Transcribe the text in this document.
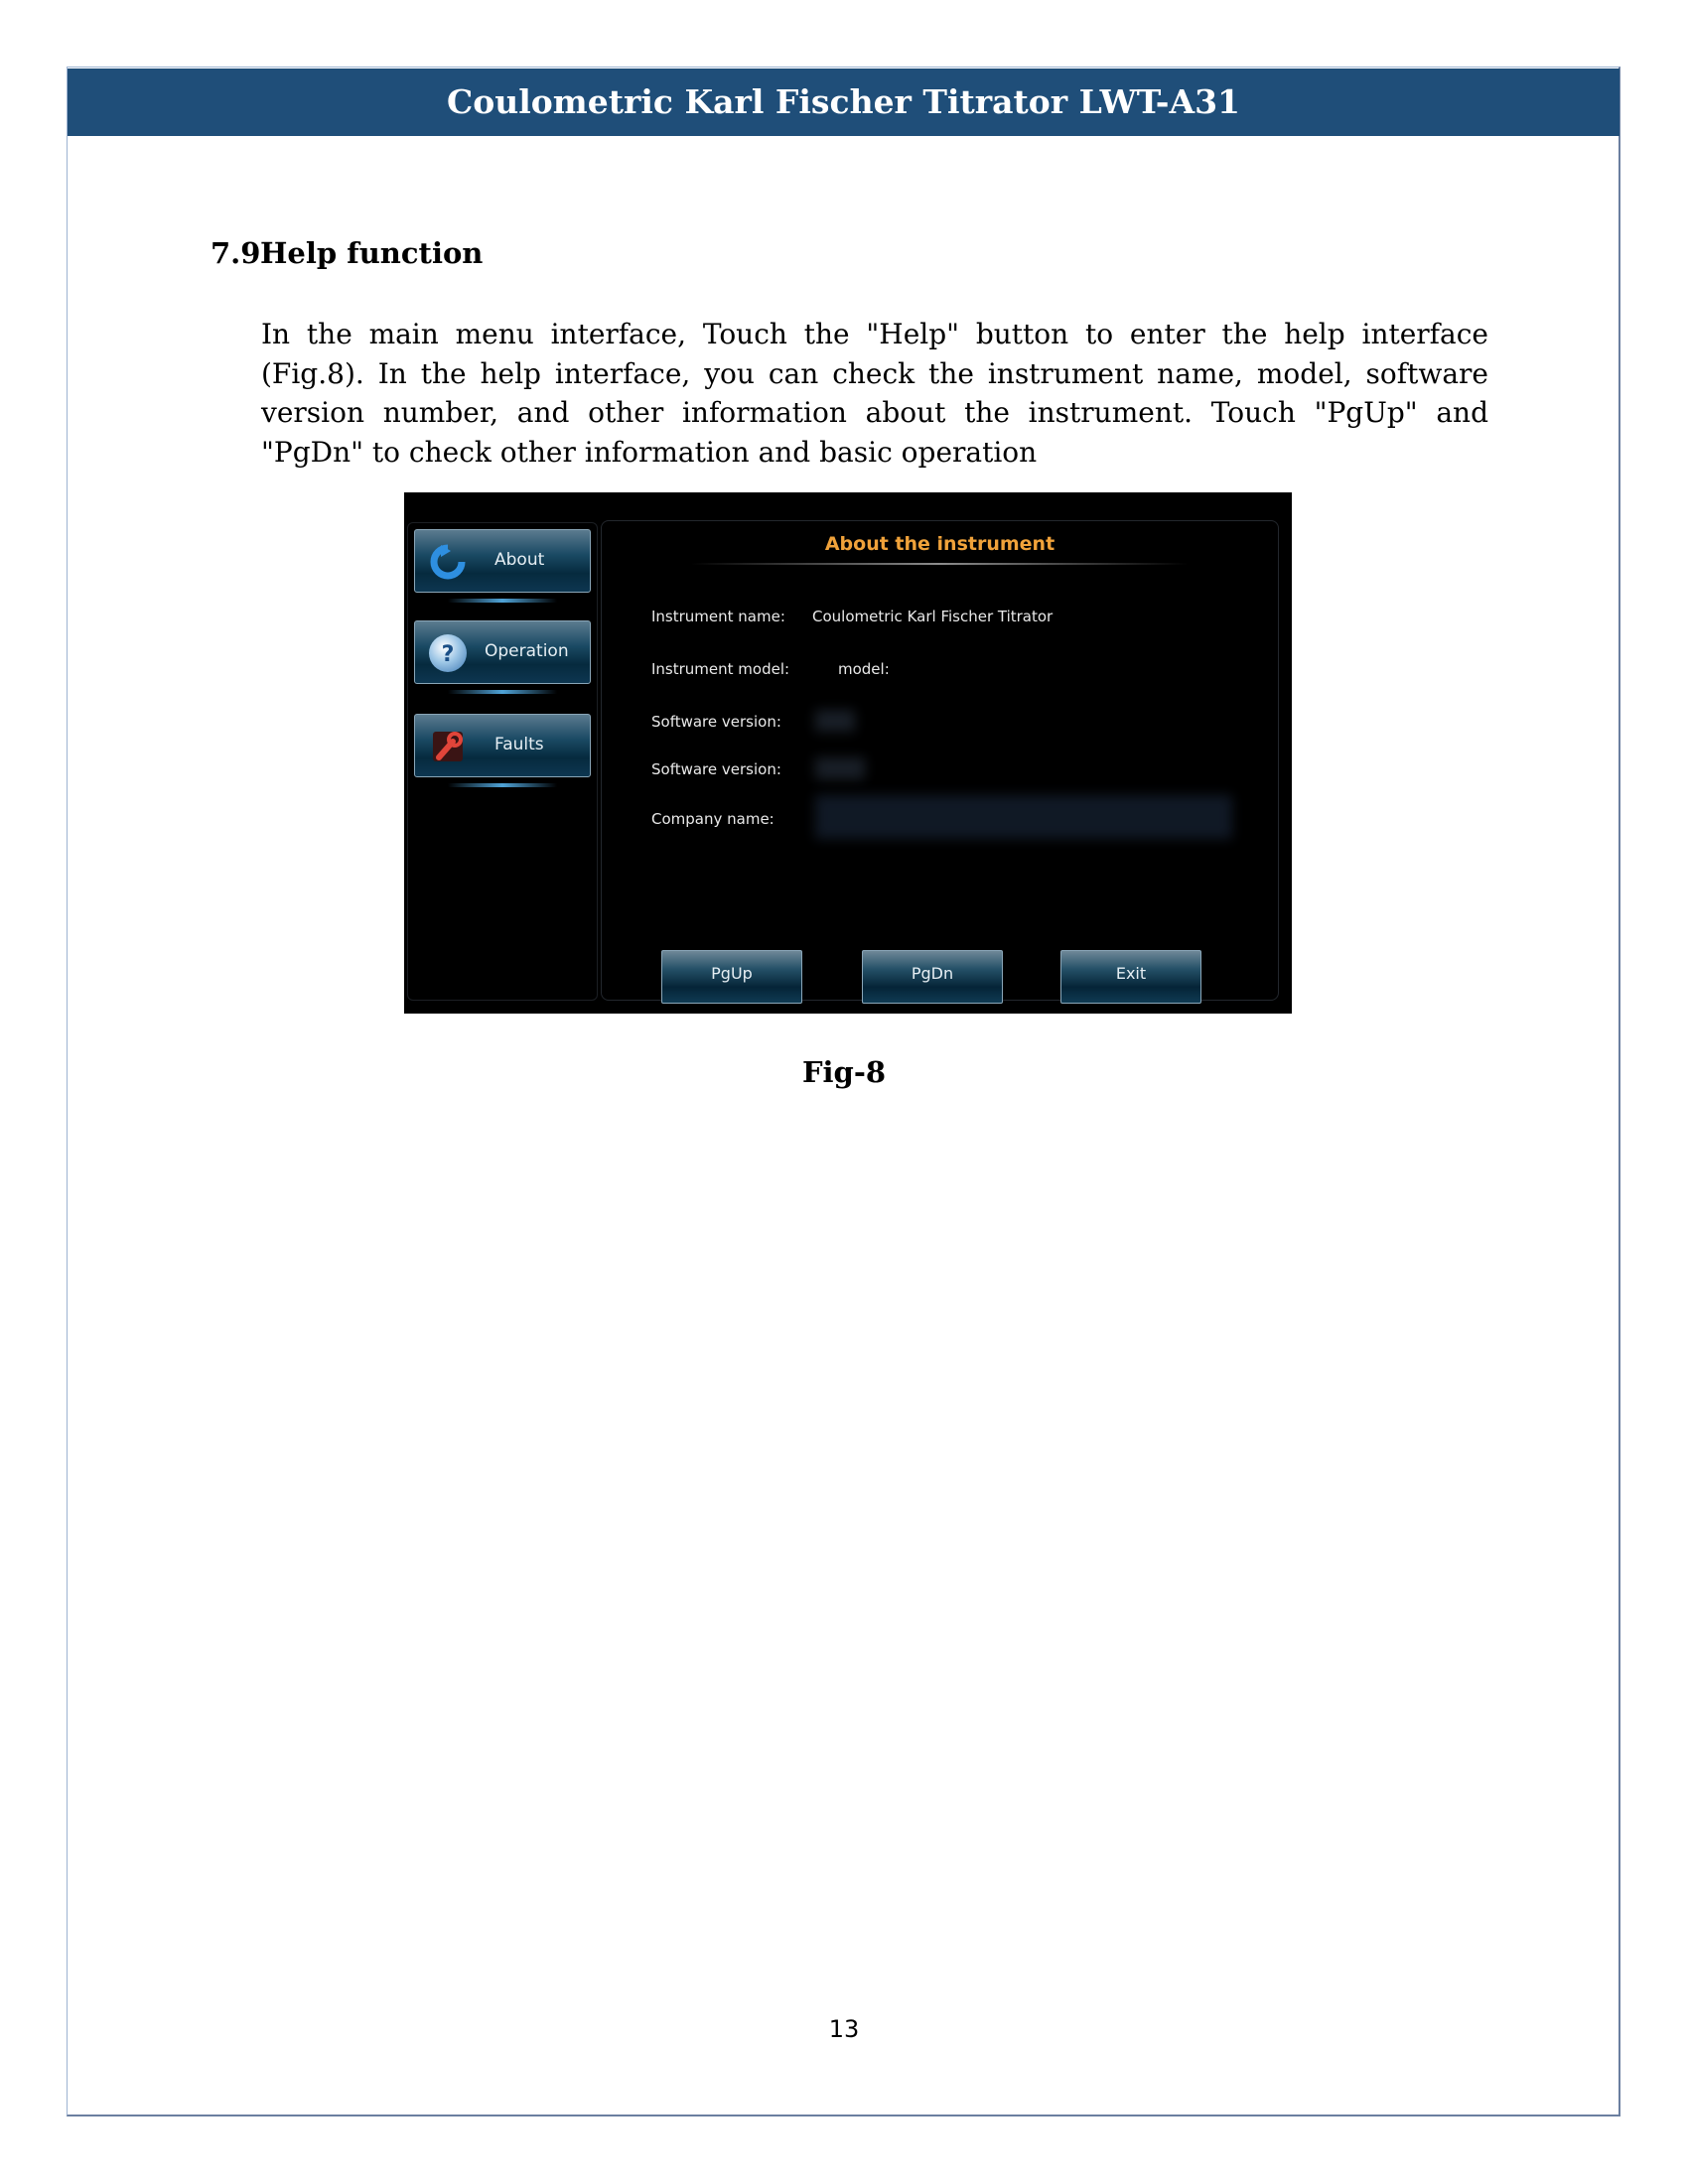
Coulometric Karl Fischer Titrator LWT-A31
7.9Help function
In the main menu interface, Touch the "Help" button to enter the help interface (Fig.8). In the help interface, you can check the instrument name, model, software version number, and other information about the instrument. Touch "PgUp" and "PgDn" to check other information and basic operation
About
? Operation
Faults
About the instrument
Instrument name: Coulometric Karl Fischer Titrator
Instrument model:	model:
Software version:
Software version:
Company name:
PgUp	PgDn	Exit
Fig-8
13
